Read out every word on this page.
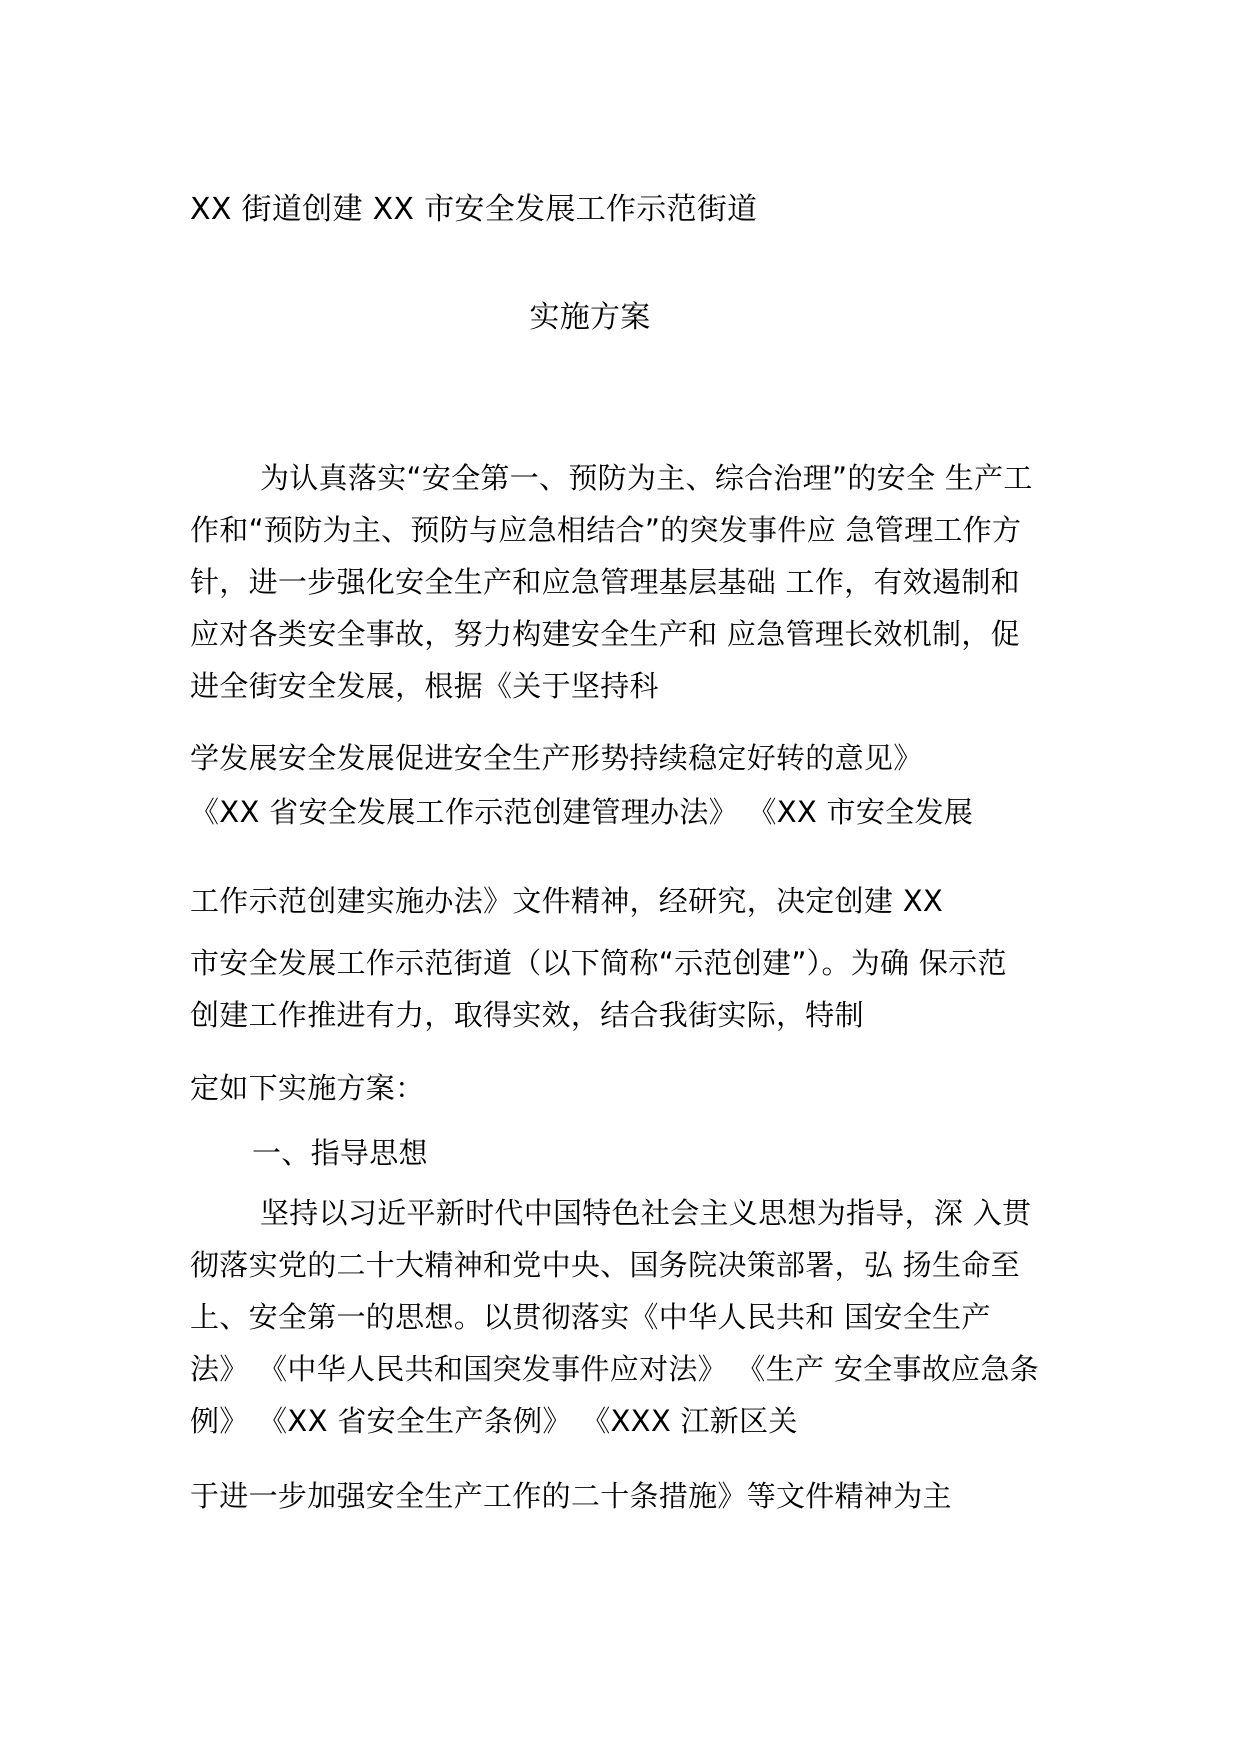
XX 街道创建 XX 市安全发展工作示范街道
实施方案
为认真落实“安全第一、预防为主、综合治理”的安全 生产工
作和“预防为主、预防与应急相结合”的突发事件应 急管理工作方
针，进一步强化安全生产和应急管理基层基础 工作，有效遏制和
应对各类安全事故，努力构建安全生产和 应急管理长效机制，促
进全街安全发展，根据《关于坚持科
学发展安全发展促进安全生产形势持续稳定好转的意见》
《XX 省安全发展工作示范创建管理办法》 《XX 市安全发展
工作示范创建实施办法》文件精神，经研究，决定创建 XX
市安全发展工作示范街道（以下简称“示范创建”）。为确 保示范
创建工作推进有力，取得实效，结合我街实际，特制
定如下实施方案：
一、指导思想
坚持以习近平新时代中国特色社会主义思想为指导，深 入贯
彻落实党的二十大精神和党中央、国务院决策部署，弘 扬生命至
上、安全第一的思想。以贯彻落实《中华人民共和 国安全生产
法》 《中华人民共和国突发事件应对法》 《生产 安全事故应急条
例》 《XX 省安全生产条例》 《XXX 江新区关
于进一步加强安全生产工作的二十条措施》等文件精神为主
